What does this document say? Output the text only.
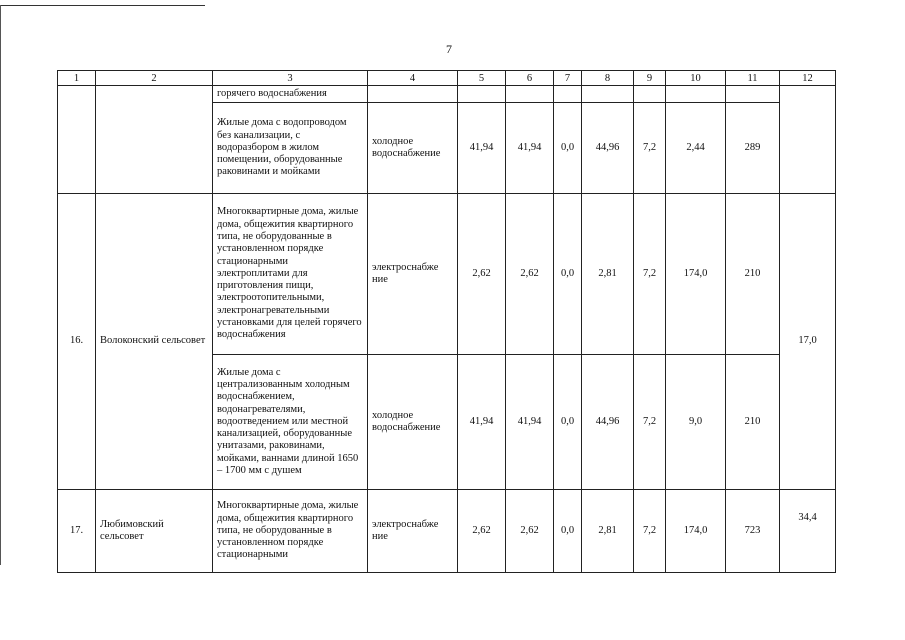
7
1	2	3	4	5	6	7	8	9	10	11	12
		горячего водоснабжения									
		Жилые дома с водопроводом без канализации, с водоразбором в жилом помещении, оборудованные раковинами и мойками	холодное водоснабжение	41,94	41,94	0,0	44,96	7,2	2,44	289	
16.	Волоконский сельсовет	Многоквартирные дома, жилые дома, общежития квартирного типа, не оборудованные в установленном порядке стационарными электроплитами для приготовления пищи, электроотопительными, электронагревательными установками для целей горячего водоснабжения	электроснабже ние	2,62	2,62	0,0	2,81	7,2	174,0	210	17,0
		Жилые дома с централизованным холодным водоснабжением, водонагревателями, водоотведением или местной канализацией, оборудованные унитазами, раковинами, мойками, ваннами длиной 1650 – 1700 мм с душем	холодное водоснабжение	41,94	41,94	0,0	44,96	7,2	9,0	210	
17.	Любимовский сельсовет	Многоквартирные дома, жилые дома, общежития квартирного типа, не оборудованные в установленном порядке стационарными	электроснабже ние	2,62	2,62	0,0	2,81	7,2	174,0	723	34,4
